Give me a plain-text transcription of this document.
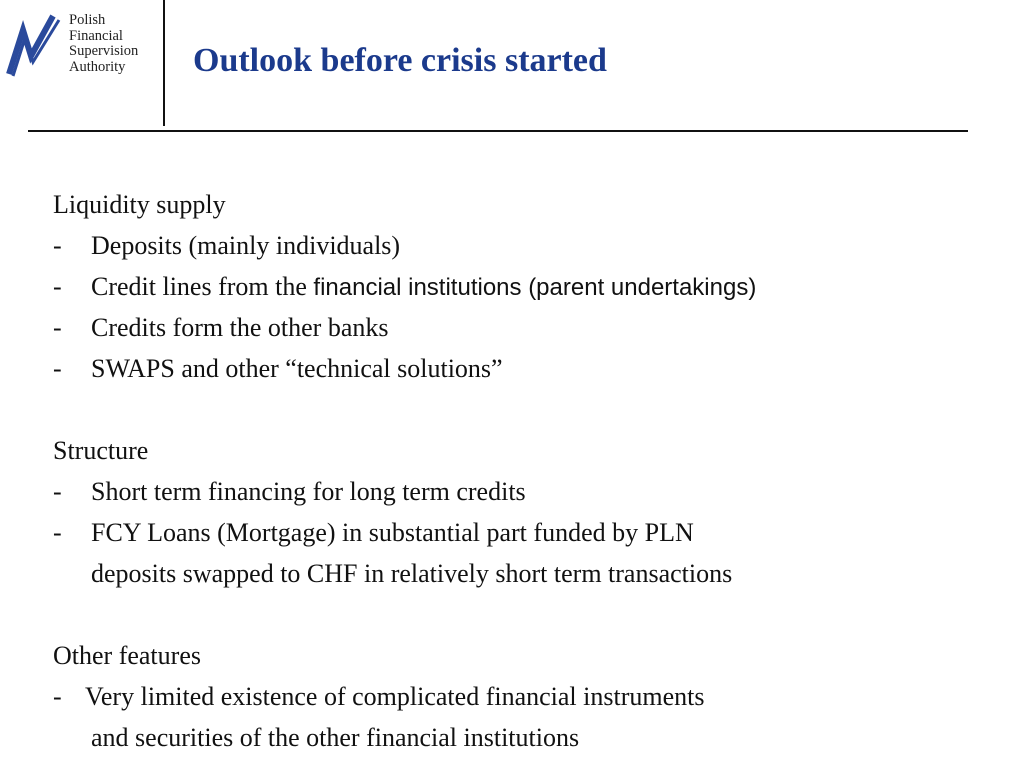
Polish
Financial
Supervision
Authority	Outlook before crisis started
Liquidity supply
- Deposits (mainly individuals)
- Credit lines from the financial institutions (parent undertakings)
- Credits form the other banks
- SWAPS and other “technical solutions”
Structure
- Short term financing for long term credits
- FCY Loans (Mortgage) in substantial part funded by PLN
deposits swapped to CHF in relatively short term transactions
Other features
- Very limited existence of complicated financial instruments
and securities of the other financial institutions
